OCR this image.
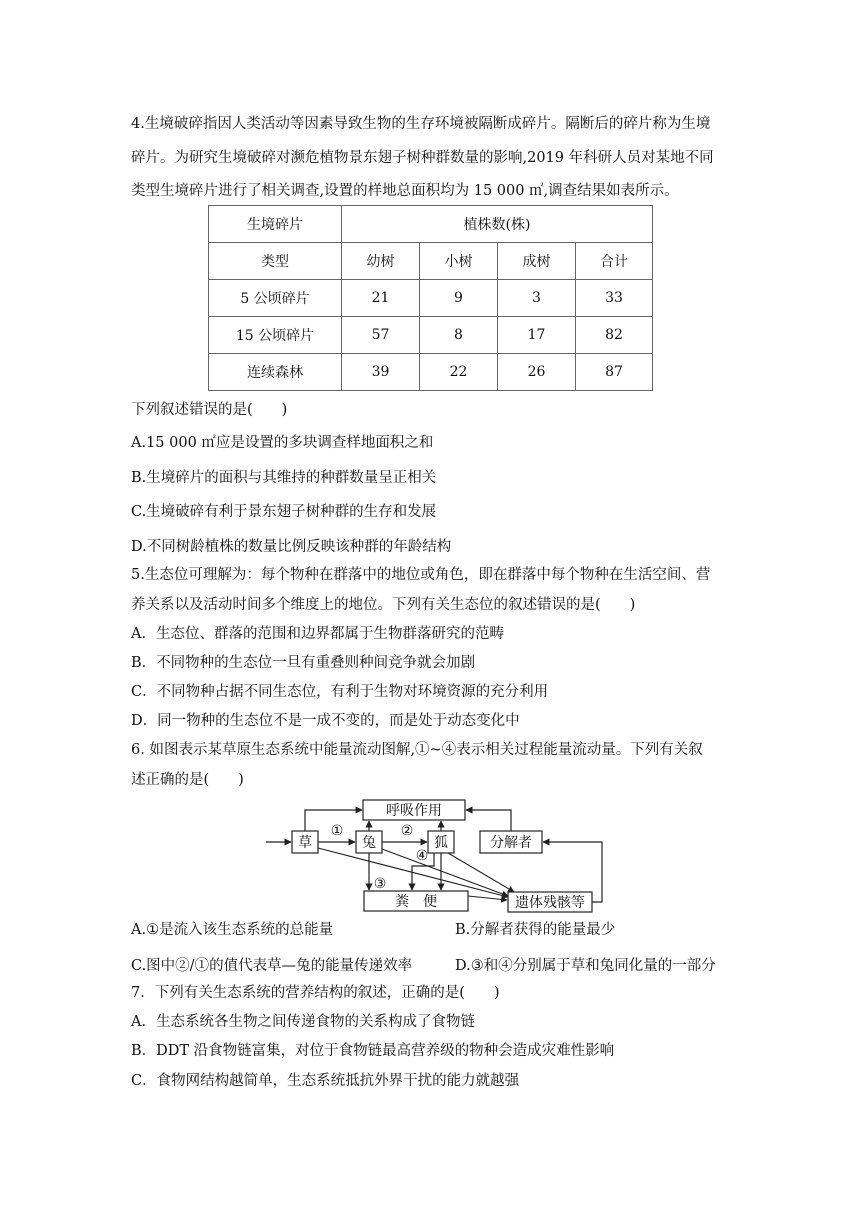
4.生境破碎指因人类活动等因素导致生物的生存环境被隔断成碎片。隔断后的碎片称为生境
碎片。为研究生境破碎对濒危植物景东翅子树种群数量的影响,2019 年科研人员对某地不同
类型生境碎片进行了相关调查,设置的样地总面积均为 15 000 ㎡,调查结果如表所示。
生境碎片	植株数(株)			
类型	幼树	小树	成树	合计
5 公顷碎片	21	9	3	33
15 公顷碎片	57	8	17	82
连续森林	39	22	26	87
下列叙述错误的是(　　)
A.15 000 ㎡应是设置的多块调查样地面积之和
B.生境碎片的面积与其维持的种群数量呈正相关
C.生境破碎有利于景东翅子树种群的生存和发展
D.不同树龄植株的数量比例反映该种群的年龄结构
5.生态位可理解为：每个物种在群落中的地位或角色，即在群落中每个物种在生活空间、营
养关系以及活动时间多个维度上的地位。下列有关生态位的叙述错误的是(　　)
A．生态位、群落的范围和边界都属于生物群落研究的范畴
B．不同物种的生态位一旦有重叠则种间竞争就会加剧
C．不同物种占据不同生态位，有利于生物对环境资源的充分利用
D．同一物种的生态位不是一成不变的，而是处于动态变化中
6. 如图表示某草原生态系统中能量流动图解,①~④表示相关过程能量流动量。下列有关叙
述正确的是(　　)
呼吸作用
草	兔	狐	分解者
粪　便	遗体残骸等
①	②
③
④
A.①是流入该生态系统的总能量	B.分解者获得的能量最少
C.图中②/①的值代表草—兔的能量传递效率	D.③和④分别属于草和兔同化量的一部分
7．下列有关生态系统的营养结构的叙述，正确的是(　　)
A．生态系统各生物之间传递食物的关系构成了食物链
B．DDT 沿食物链富集，对位于食物链最高营养级的物种会造成灾难性影响
C．食物网结构越简单，生态系统抵抗外界干扰的能力就越强
